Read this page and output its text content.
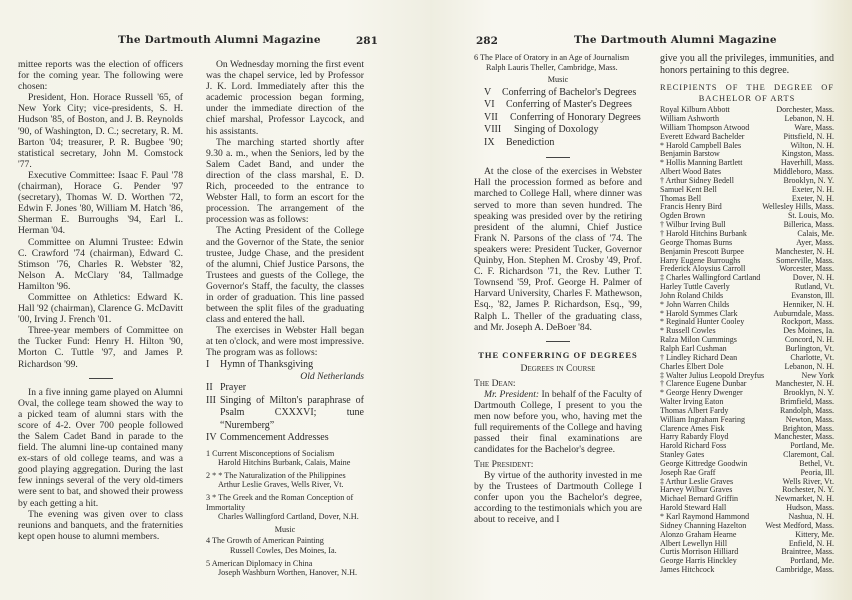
The Dartmouth Alumni Magazine	281

mittee reports was the election of officers for the coming year. The following were chosen:

President, Hon. Horace Russell '65, of New York City; vice-presidents, S. H. Hudson '85, of Boston, and J. B. Reynolds '90, of Washington, D. C.; secretary, R. M. Barton '04; treasurer, P. R. Bugbee '90; statistical secretary, John M. Comstock '77.

Executive Committee: Isaac F. Paul '78 (chairman), Horace G. Pender '97 (secretary), Thomas W. D. Worthen '72, Edwin F. Jones '80, William M. Hatch '86, Sherman E. Burroughs '94, Earl L. Herman '04.

Committee on Alumni Trustee: Edwin C. Crawford '74 (chairman), Edward C. Stimson '76, Charles R. Webster '82, Nelson A. McClary '84, Tallmadge Hamilton '96.

Committee on Athletics: Edward K. Hall '92 (chairman), Clarence G. McDavitt '00, Irving J. French '01.

Three-year members of Committee on the Tucker Fund: Henry H. Hilton '90, Morton C. Tuttle '97, and James P. Richardson '99.

In a five inning game played on Alumni Oval, the college team showed the way to a picked team of alumni stars with the score of 4-2. Over 700 people followed the Salem Cadet Band in parade to the field. The alumni line-up contained many ex-stars of old college teams, and was a good playing aggregation. During the last few innings several of the very old-timers were sent to bat, and showed their prowess by each getting a hit.

The evening was given over to class reunions and banquets, and the fraternities kept open house to alumni members.

On Wednesday morning the first event was the chapel service, led by Professor J. K. Lord. Immediately after this the academic procession began forming, under the immediate direction of the chief marshal, Professor Laycock, and his assistants.

The marching started shortly after 9.30 a. m., when the Seniors, led by the Salem Cadet Band, and under the direction of the class marshal, E. D. Rich, proceeded to the entrance to Webster Hall, to form an escort for the procession. The arrangement of the procession was as follows:

The Acting President of the College and the Governor of the State, the senior trustee, Judge Chase, and the president of the alumni, Chief Justice Parsons, the Trustees and guests of the College, the Governor's Staff, the faculty, the classes in order of graduation. This line passed between the split files of the graduating class and entered the hall.

The exercises in Webster Hall began at ten o'clock, and were most impressive. The program was as follows:

I	Hymn of Thanksgiving
Old Netherlands
II Prayer
III Singing of Milton's paraphrase of Psalm CXXXVI; tune “Nuremberg”
IV Commencement Addresses
1 Current Misconceptions of Socialism
Harold Hitchins Burbank, Calais, Maine
2 * * The Naturalization of the Philippines
Arthur Leslie Graves, Wells River, Vt.
3 * The Greek and the Roman Conception of Immortality
Charles Wallingford Cartland, Dover, N.H.
Music
4 The Growth of American Painting
Russell Cowles, Des Moines, Ia.
5 American Diplomacy in China
Joseph Washburn Worthen, Hanover, N.H.
282	The Dartmouth Alumni Magazine
6 The Place of Oratory in an Age of Journalism
Ralph Lauris Theller, Cambridge, Mass.
Music
V	Conferring of Bachelor's Degrees
VI	Conferring of Master's Degrees
VII	Conferring of Honorary Degrees
VIII	Singing of Doxology
IX	Benediction

At the close of the exercises in Webster Hall the procession formed as before and marched to College Hall, where dinner was served to more than seven hundred. The speaking was presided over by the retiring president of the alumni, Chief Justice Frank N. Parsons of the class of '74. The speakers were: President Tucker, Governor Quinby, Hon. Stephen M. Crosby '49, Prof. C. F. Richardson '71, the Rev. Luther T. Townsend '59, Prof. George H. Palmer of Harvard University, Charles F. Mathewson, Esq., '82, James P. Richardson, Esq., '99, Ralph L. Theller of the graduating class, and Mr. Joseph A. DeBoer '84.

THE CONFERRING OF DEGREES
Degrees in Course
The Dean:

Mr. President: In behalf of the Faculty of Dartmouth College, I present to you the men now before you, who, having met the full requirements of the College and having passed their final examinations are candidates for the Bachelor's degree.

The President:

By virtue of the authority invested in me by the Trustees of Dartmouth College I confer upon you the Bachelor's degree, according to the testimonials which you are about to receive, and I

give you all the privileges, immunities, and honors pertaining to this degree.

RECIPIENTS OF THE DEGREE OF
BACHELOR OF ARTS
Royal Kilburn Abbott	Dorchester, Mass.
William Ashworth	Lebanon, N. H.
William Thompson Atwood	Ware, Mass.
Everett Edward Bachelder	Pittsfield, N. H.
* Harold Campbell Bales	Wilton, N. H.
Benjamin Barstow	Kingston, Mass.
* Hollis Manning Bartlett	Haverhill, Mass.
Albert Wood Bates	Middleboro, Mass.
† Arthur Sidney Bedell	Brooklyn, N. Y.
Samuel Kent Bell	Exeter, N. H.
Thomas Bell	Exeter, N. H.
Francis Henry Bird	Wellesley Hills, Mass.
Ogden Brown	St. Louis, Mo.
† Wilbur Irving Bull	Billerica, Mass.
† Harold Hitchins Burbank	Calais, Me.
George Thomas Burns	Ayer, Mass.
Benjamin Prescott Burpee	Manchester, N. H.
Harry Eugene Burroughs	Somerville, Mass.
Frederick Aloysius Carroll	Worcester, Mass.
‡ Charles Wallingford Cartland	Dover, N. H.
Harley Tuttle Caverly	Rutland, Vt.
John Roland Childs	Evanston, Ill.
* John Warren Childs	Henniker, N. H.
* Harold Symmes Clark	Auburndale, Mass.
* Reginald Hunter Cooley	Rockport, Mass.
* Russell Cowles	Des Moines, Ia.
Ralza Milon Cummings	Concord, N. H.
Ralph Earl Cushman	Burlington, Vt.
† Lindley Richard Dean	Charlotte, Vt.
Charles Elbert Dole	Lebanon, N. H.
‡ Walter Julius Leopold Dreyfus	New York
† Clarence Eugene Dunbar	Manchester, N. H.
* George Henry Dwenger	Brooklyn, N. Y.
Walter Irving Eaton	Brimfield, Mass.
Thomas Albert Fardy	Randolph, Mass.
William Ingraham Fearing	Newton, Mass.
Clarence Ames Fisk	Brighton, Mass.
Harry Rabardy Floyd	Manchester, Mass.
Harold Richard Foss	Portland, Me.
Stanley Gates	Claremont, Cal.
George Kittredge Goodwin	Bethel, Vt.
Joseph Rae Graff	Peoria, Ill.
‡ Arthur Leslie Graves	Wells River, Vt.
Harvey Wilbur Graves	Rochester, N. Y.
Michael Bernard Griffin	Newmarket, N. H.
Harold Steward Hall	Hudson, Mass.
* Karl Raymond Hammond	Nashua, N. H.
Sidney Channing Hazelton West Medford, Mass.
Alonzo Graham Hearne	Kittery, Me.
Albert Lewellyn Hill	Enfield, N. H.
Curtis Morrison Hilliard	Braintree, Mass.
George Harris Hinckley	Portland, Me.
James Hitchcock	Cambridge, Mass.
